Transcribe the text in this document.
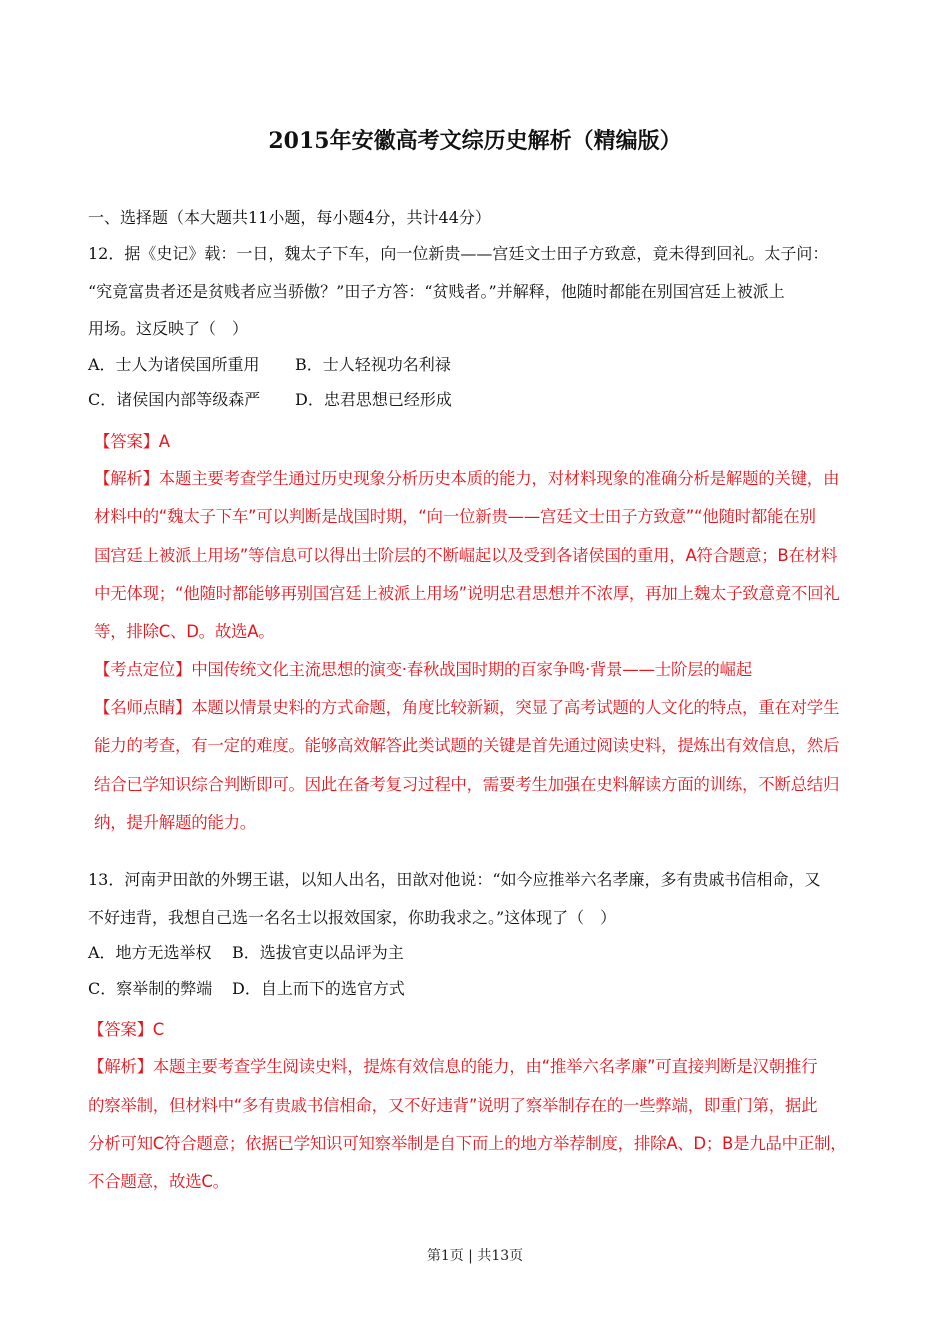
2015年安徽高考文综历史解析（精编版）
一、选择题（本大题共11小题，每小题4分，共计44分）
12．据《史记》载：一日，魏太子下车，向一位新贵——宫廷文士田子方致意，竟未得到回礼。太子问：
“究竟富贵者还是贫贱者应当骄傲？”田子方答：“贫贱者。”并解释，他随时都能在别国宫廷上被派上
用场。这反映了（　）
A．士人为诸侯国所重用 B．士人轻视功名利禄
C．诸侯国内部等级森严 D．忠君思想已经形成
【答案】A
【解析】本题主要考查学生通过历史现象分析历史本质的能力，对材料现象的准确分析是解题的关键，由
材料中的“魏太子下车”可以判断是战国时期，“向一位新贵——宫廷文士田子方致意”“他随时都能在别
国宫廷上被派上用场”等信息可以得出士阶层的不断崛起以及受到各诸侯国的重用，A符合题意；B在材料
中无体现；“他随时都能够再别国宫廷上被派上用场”说明忠君思想并不浓厚，再加上魏太子致意竟不回礼
等，排除C、D。故选A。
【考点定位】中国传统文化主流思想的演变·春秋战国时期的百家争鸣·背景——士阶层的崛起
【名师点睛】本题以情景史料的方式命题，角度比较新颖，突显了高考试题的人文化的特点，重在对学生
能力的考查，有一定的难度。能够高效解答此类试题的关键是首先通过阅读史料，提炼出有效信息，然后
结合已学知识综合判断即可。因此在备考复习过程中，需要考生加强在史料解读方面的训练，不断总结归
纳，提升解题的能力。
13．河南尹田歆的外甥王谌，以知人出名，田歆对他说：“如今应推举六名孝廉，多有贵戚书信相命，又
不好违背，我想自己选一名名士以报效国家，你助我求之。”这体现了（　）
A．地方无选举权 B．选拔官吏以品评为主
C．察举制的弊端 D．自上而下的选官方式
【答案】C
【解析】本题主要考查学生阅读史料，提炼有效信息的能力，由“推举六名孝廉”可直接判断是汉朝推行
的察举制，但材料中“多有贵戚书信相命，又不好违背”说明了察举制存在的一些弊端，即重门第，据此
分析可知C符合题意；依据已学知识可知察举制是自下而上的地方举荐制度，排除A、D；B是九品中正制，
不合题意，故选C。
第1页 | 共13页
